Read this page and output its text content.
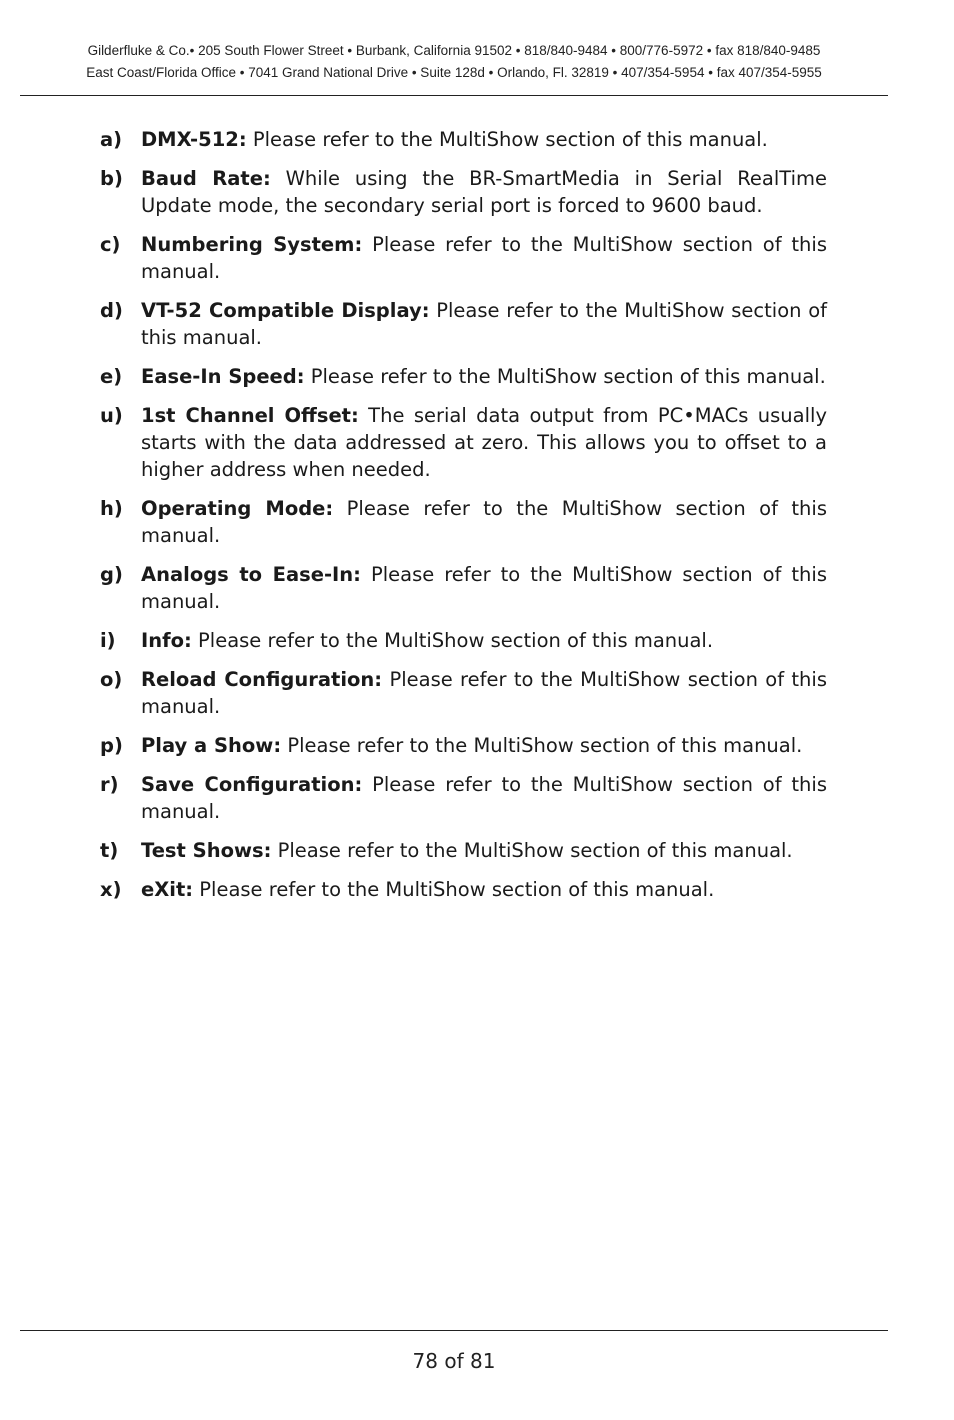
Gilderfluke & Co.• 205 South Flower Street • Burbank, California 91502 • 818/840-9484 • 800/776-5972 • fax 818/840-9485
East Coast/Florida Office • 7041 Grand National Drive • Suite 128d • Orlando, Fl. 32819 • 407/354-5954 • fax 407/354-5955
a) DMX-512: Please refer to the MultiShow section of this manual.
b) Baud Rate: While using the BR-SmartMedia in Serial RealTime Update mode, the secondary serial port is forced to 9600 baud.
c) Numbering System: Please refer to the MultiShow section of this manual.
d) VT-52 Compatible Display: Please refer to the MultiShow section of this manual.
e) Ease-In Speed: Please refer to the MultiShow section of this manual.
u) 1st Channel Offset: The serial data output from PC•MACs usually starts with the data addressed at zero. This allows you to offset to a higher address when needed.
h) Operating Mode: Please refer to the MultiShow section of this manual.
g) Analogs to Ease-In: Please refer to the MultiShow section of this manual.
i) Info: Please refer to the MultiShow section of this manual.
o) Reload Configuration: Please refer to the MultiShow section of this manual.
p) Play a Show: Please refer to the MultiShow section of this manual.
r) Save Configuration: Please refer to the MultiShow section of this manual.
t) Test Shows: Please refer to the MultiShow section of this manual.
x) eXit: Please refer to the MultiShow section of this manual.
78 of 81
